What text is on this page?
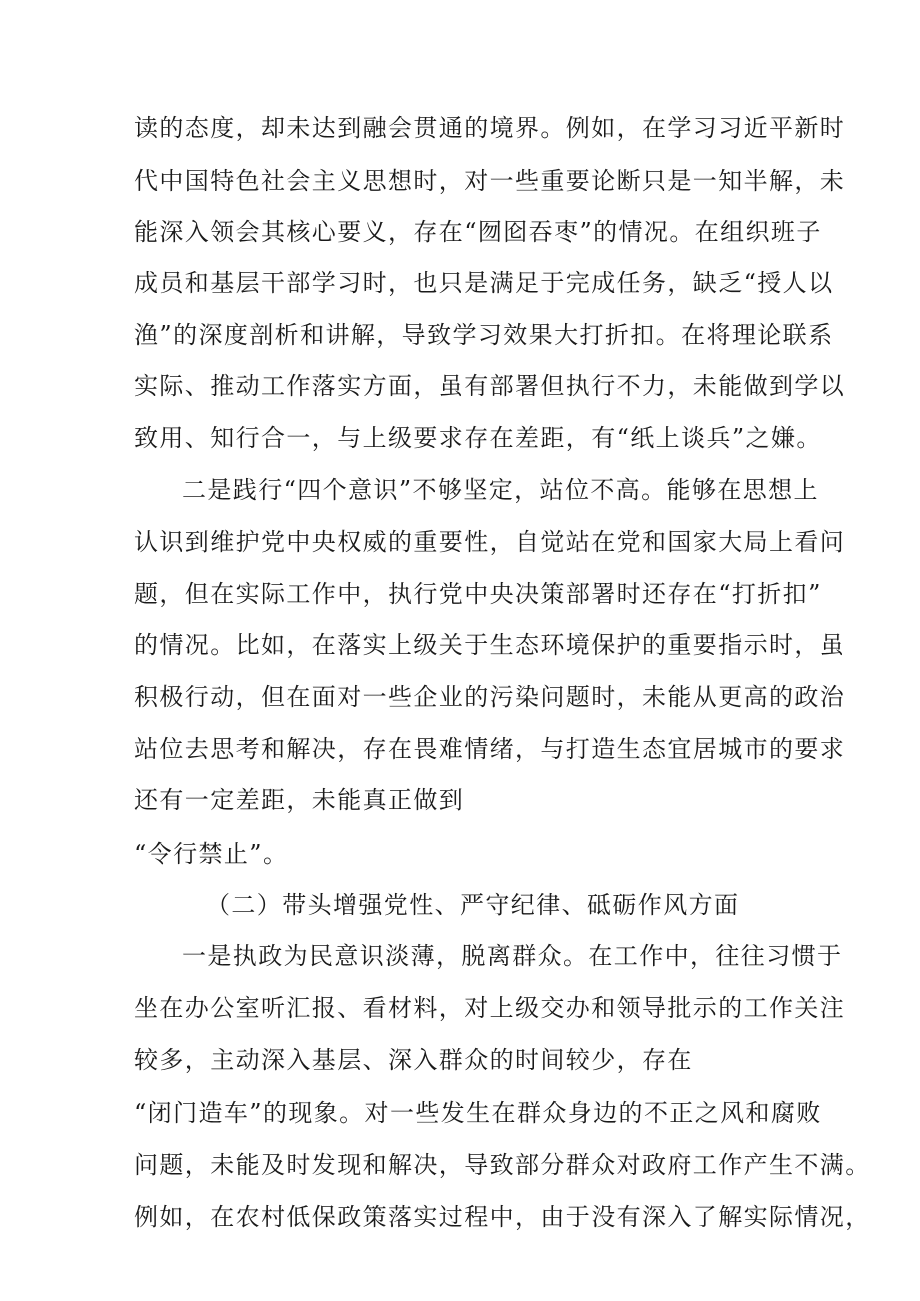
读的态度，却未达到融会贯通的境界。例如，在学习习近平新时
代中国特色社会主义思想时，对一些重要论断只是一知半解，未
能深入领会其核心要义，存在“囫囵吞枣”的情况。在组织班子
成员和基层干部学习时，也只是满足于完成任务，缺乏“授人以
渔”的深度剖析和讲解，导致学习效果大打折扣。在将理论联系
实际、推动工作落实方面，虽有部署但执行不力，未能做到学以
致用、知行合一，与上级要求存在差距，有“纸上谈兵”之嫌。
二是践行“四个意识”不够坚定，站位不高。能够在思想上
认识到维护党中央权威的重要性，自觉站在党和国家大局上看问
题，但在实际工作中，执行党中央决策部署时还存在“打折扣”
的情况。比如，在落实上级关于生态环境保护的重要指示时，虽
积极行动，但在面对一些企业的污染问题时，未能从更高的政治
站位去思考和解决，存在畏难情绪，与打造生态宜居城市的要求
还有一定差距，未能真正做到
“令行禁止”。
（二）带头增强党性、严守纪律、砥砺作风方面
一是执政为民意识淡薄，脱离群众。在工作中，往往习惯于
坐在办公室听汇报、看材料，对上级交办和领导批示的工作关注
较多，主动深入基层、深入群众的时间较少，存在
“闭门造车”的现象。对一些发生在群众身边的不正之风和腐败
问题，未能及时发现和解决，导致部分群众对政府工作产生不满。
例如，在农村低保政策落实过程中，由于没有深入了解实际情况，
